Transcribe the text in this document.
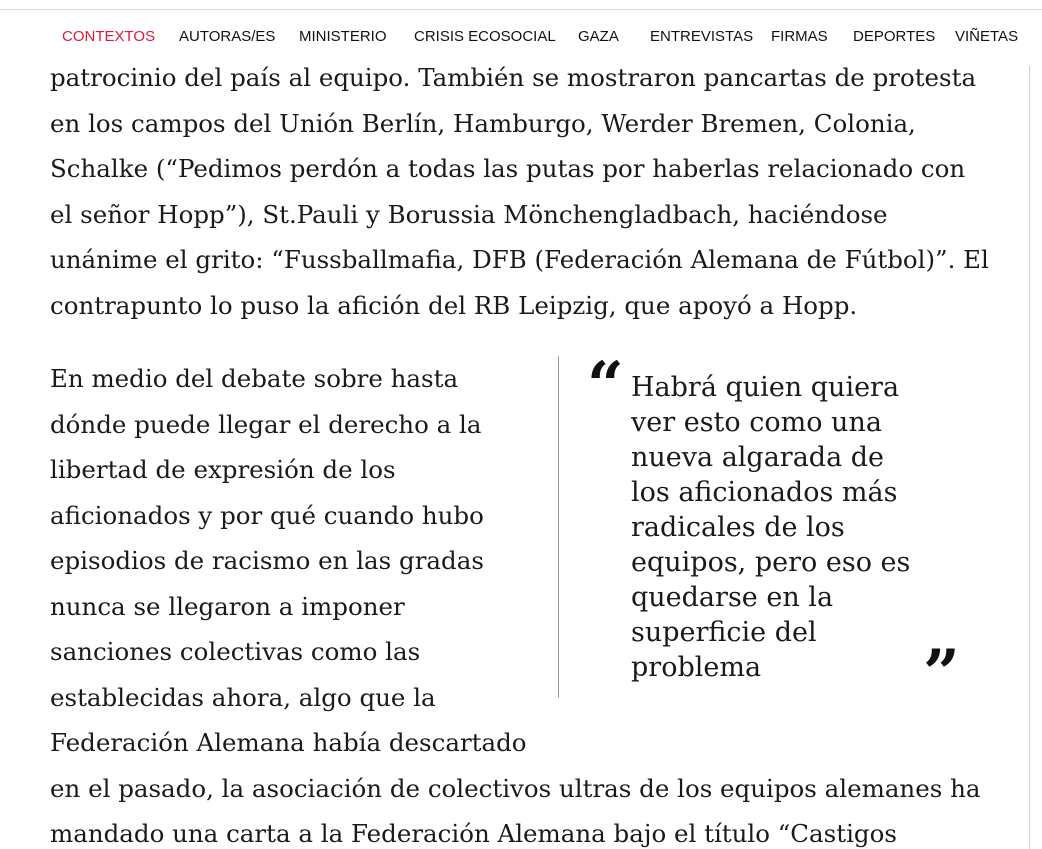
CONTEXTOS AUTORAS/ES MINISTERIO CRISIS ECOSOCIAL GAZA ENTREVISTAS FIRMAS DEPORTES VIÑETAS
patrocinio del país al equipo. También se mostraron pancartas de protesta
en los campos del Unión Berlín, Hamburgo, Werder Bremen, Colonia,
Schalke (“Pedimos perdón a todas las putas por haberlas relacionado con
el señor Hopp”), St.Pauli y Borussia Mönchengladbach, haciéndose
unánime el grito: “Fussballmafia, DFB (Federación Alemana de Fútbol)”. El
contrapunto lo puso la afición del RB Leipzig, que apoyó a Hopp.
En medio del debate sobre hasta
dónde puede llegar el derecho a la
libertad de expresión de los
aficionados y por qué cuando hubo
episodios de racismo en las gradas
nunca se llegaron a imponer
sanciones colectivas como las
establecidas ahora, algo que la
Federación Alemana había descartado
en el pasado, la asociación de colectivos ultras de los equipos alemanes ha
mandado una carta a la Federación Alemana bajo el título “Castigos
“ Habrá quien quiera
ver esto como una
nueva algarada de
los aficionados más
radicales de los
equipos, pero eso es
quedarse en la
superficie del
problema	”
